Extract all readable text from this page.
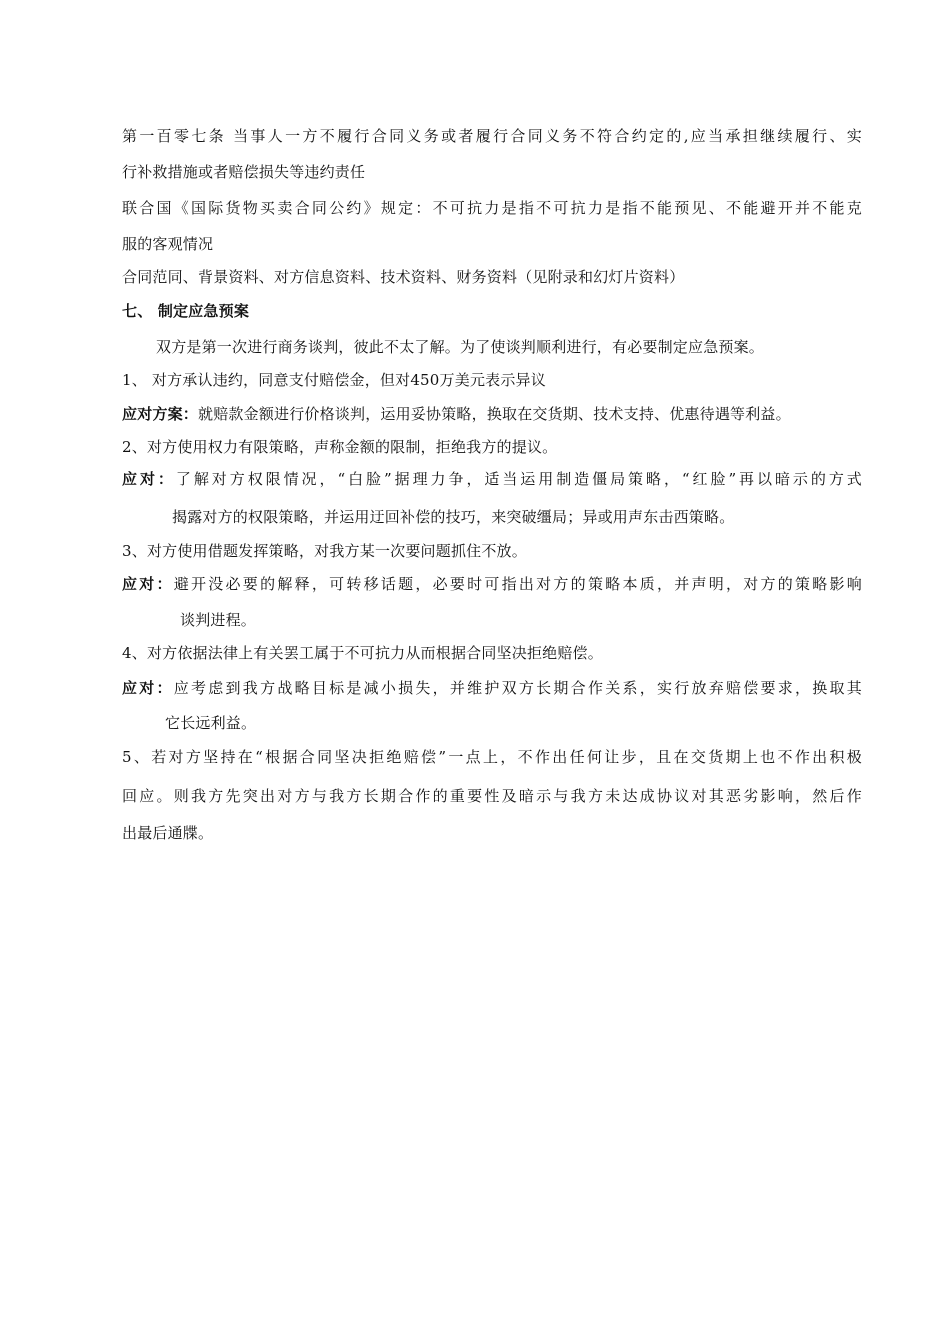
第一百零七条 当事人一方不履行合同义务或者履行合同义务不符合约定的,应当承担继续履行、实
行补救措施或者赔偿损失等违约责任
联合国《国际货物买卖合同公约》规定：不可抗力是指不可抗力是指不能预见、不能避开并不能克
服的客观情况
合同范同、背景资料、对方信息资料、技术资料、财务资料（见附录和幻灯片资料）
七、 制定应急预案
双方是第一次进行商务谈判，彼此不太了解。为了使谈判顺利进行，有必要制定应急预案。
1、 对方承认违约，同意支付赔偿金，但对450万美元表示异议
应对方案：就赔款金额进行价格谈判，运用妥协策略，换取在交货期、技术支持、优惠待遇等利益。
2、对方使用权力有限策略，声称金额的限制，拒绝我方的提议。
应对：了解对方权限情况，“白脸”据理力争，适当运用制造僵局策略，“红脸”再以暗示的方式
揭露对方的权限策略，并运用迂回补偿的技巧，来突破缰局；异或用声东击西策略。
3、对方使用借题发挥策略，对我方某一次要问题抓住不放。
应对：避开没必要的解释，可转移话题，必要时可指出对方的策略本质，并声明，对方的策略影响
谈判进程。
4、对方依据法律上有关罢工属于不可抗力从而根据合同坚决拒绝赔偿。
应对：应考虑到我方战略目标是减小损失，并维护双方长期合作关系，实行放弃赔偿要求，换取其
它长远利益。
5、若对方坚持在“根据合同坚决拒绝赔偿”一点上，不作出任何让步，且在交货期上也不作出积极
回应。则我方先突出对方与我方长期合作的重要性及暗示与我方未达成协议对其恶劣影响，然后作
出最后通牒。
